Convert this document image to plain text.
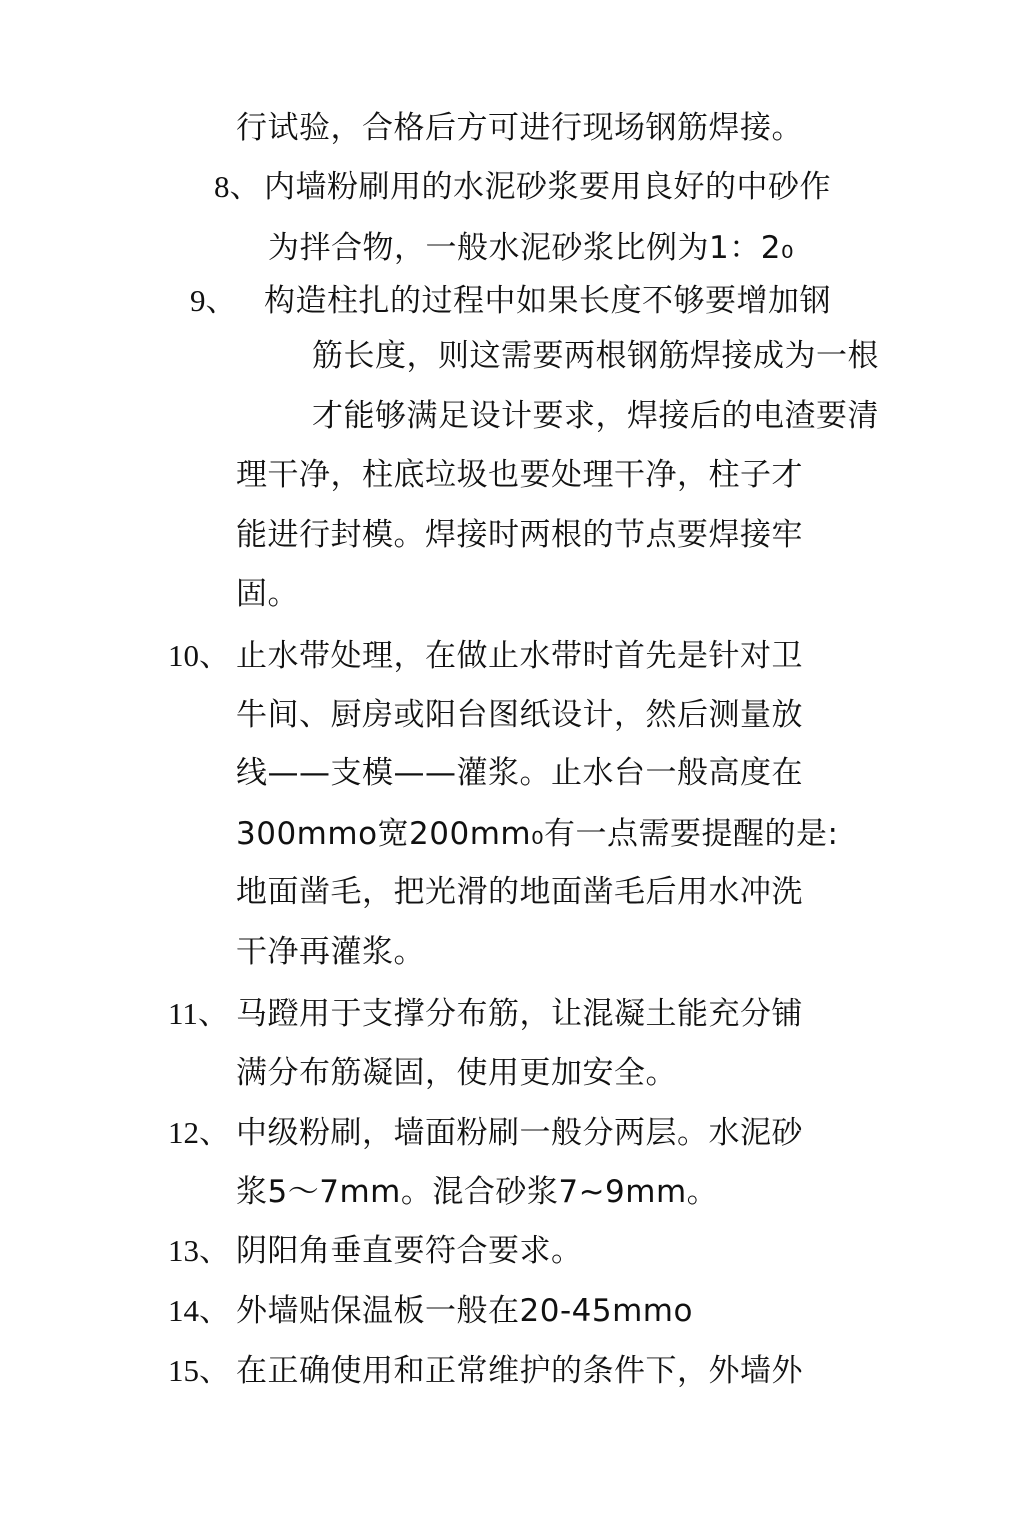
行试验，合格后方可进行现场钢筋焊接。
8、 内墙粉刷用的水泥砂浆要用良好的中砂作
为拌合物，一般水泥砂浆比例为1：2₀
9、 构造柱扎的过程中如果长度不够要增加钢
筋长度，则这需要两根钢筋焊接成为一根
才能够满足设计要求，焊接后的电渣要清
理干净，柱底垃圾也要处理干净，柱子才
能进行封模。焊接时两根的节点要焊接牢
固。
10、 止水带处理，在做止水带时首先是针对卫
牛间、厨房或阳台图纸设计，然后测量放
线——支模——灌浆。止水台一般高度在
300mmo宽200mm₀有一点需要提醒的是:
地面凿毛，把光滑的地面凿毛后用水冲洗
干净再灌浆。
11、 马蹬用于支撑分布筋，让混凝土能充分铺
满分布筋凝固，使用更加安全。
12、 中级粉刷，墙面粉刷一般分两层。水泥砂
浆5～7mm。混合砂浆7~9mm。
13、 阴阳角垂直要符合要求。
14、 外墙贴保温板一般在20-45mmo
15、 在正确使用和正常维护的条件下，外墙外
